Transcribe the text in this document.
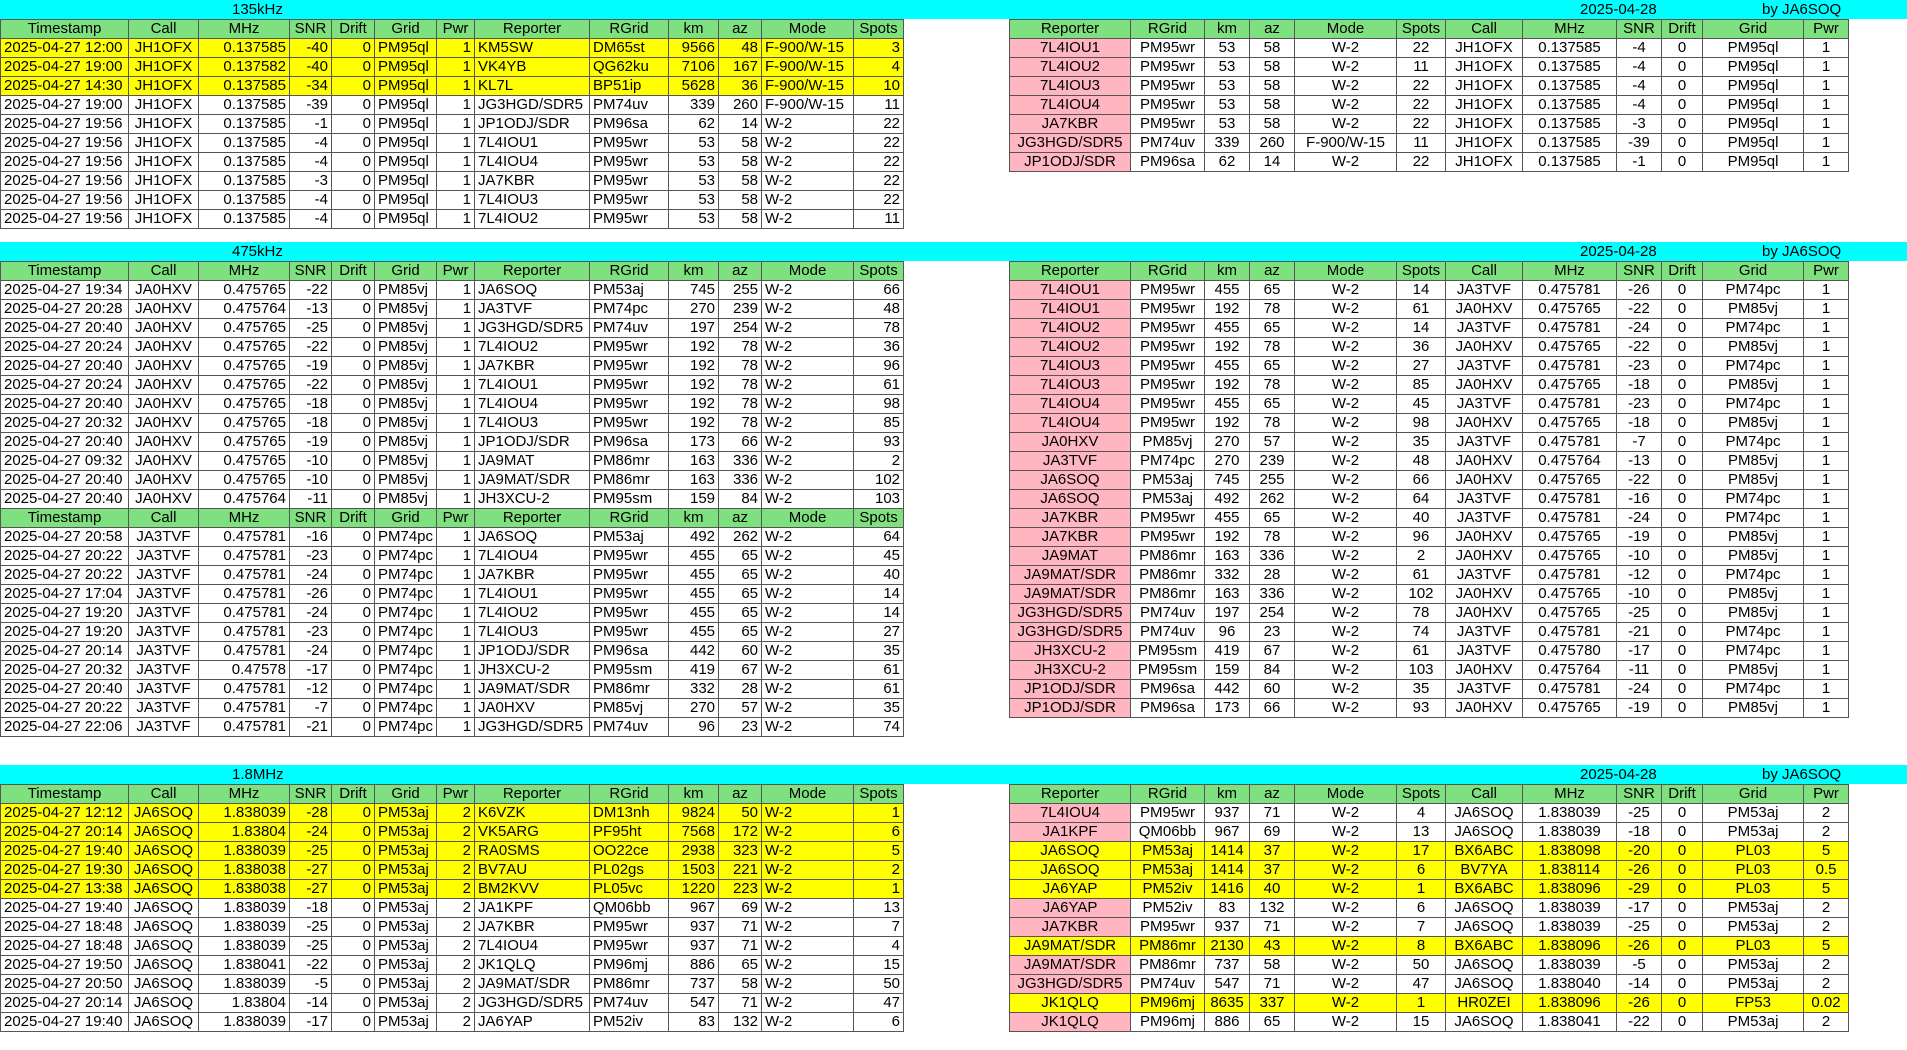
135kHz	2025-04-28	by JA6SOQ
Timestamp	Call	MHz	SNR	Drift	Grid	Pwr	Reporter	RGrid	km	az	Mode	Spots
2025-04-27 12:00	JH1OFX	0.137585	-40	0	PM95ql	1	KM5SW	DM65st	9566	48	F-900/W-15	3
2025-04-27 19:00	JH1OFX	0.137582	-40	0	PM95ql	1	VK4YB	QG62ku	7106	167	F-900/W-15	4
2025-04-27 14:30	JH1OFX	0.137585	-34	0	PM95ql	1	KL7L	BP51ip	5628	36	F-900/W-15	10
2025-04-27 19:00	JH1OFX	0.137585	-39	0	PM95ql	1	JG3HGD/SDR5	PM74uv	339	260	F-900/W-15	11
2025-04-27 19:56	JH1OFX	0.137585	-1	0	PM95ql	1	JP1ODJ/SDR	PM96sa	62	14	W-2	22
2025-04-27 19:56	JH1OFX	0.137585	-4	0	PM95ql	1	7L4IOU1	PM95wr	53	58	W-2	22
2025-04-27 19:56	JH1OFX	0.137585	-4	0	PM95ql	1	7L4IOU4	PM95wr	53	58	W-2	22
2025-04-27 19:56	JH1OFX	0.137585	-3	0	PM95ql	1	JA7KBR	PM95wr	53	58	W-2	22
2025-04-27 19:56	JH1OFX	0.137585	-4	0	PM95ql	1	7L4IOU3	PM95wr	53	58	W-2	22
2025-04-27 19:56	JH1OFX	0.137585	-4	0	PM95ql	1	7L4IOU2	PM95wr	53	58	W-2	11
Reporter	RGrid	km	az	Mode	Spots	Call	MHz	SNR	Drift	Grid	Pwr
7L4IOU1	PM95wr	53	58	W-2	22	JH1OFX	0.137585	-4	0	PM95ql	1
7L4IOU2	PM95wr	53	58	W-2	11	JH1OFX	0.137585	-4	0	PM95ql	1
7L4IOU3	PM95wr	53	58	W-2	22	JH1OFX	0.137585	-4	0	PM95ql	1
7L4IOU4	PM95wr	53	58	W-2	22	JH1OFX	0.137585	-4	0	PM95ql	1
JA7KBR	PM95wr	53	58	W-2	22	JH1OFX	0.137585	-3	0	PM95ql	1
JG3HGD/SDR5	PM74uv	339	260	F-900/W-15	11	JH1OFX	0.137585	-39	0	PM95ql	1
JP1ODJ/SDR	PM96sa	62	14	W-2	22	JH1OFX	0.137585	-1	0	PM95ql	1
475kHz	2025-04-28	by JA6SOQ
Timestamp	Call	MHz	SNR	Drift	Grid	Pwr	Reporter	RGrid	km	az	Mode	Spots
2025-04-27 19:34	JA0HXV	0.475765	-22	0	PM85vj	1	JA6SOQ	PM53aj	745	255	W-2	66
2025-04-27 20:28	JA0HXV	0.475764	-13	0	PM85vj	1	JA3TVF	PM74pc	270	239	W-2	48
2025-04-27 20:40	JA0HXV	0.475765	-25	0	PM85vj	1	JG3HGD/SDR5	PM74uv	197	254	W-2	78
2025-04-27 20:24	JA0HXV	0.475765	-22	0	PM85vj	1	7L4IOU2	PM95wr	192	78	W-2	36
2025-04-27 20:40	JA0HXV	0.475765	-19	0	PM85vj	1	JA7KBR	PM95wr	192	78	W-2	96
2025-04-27 20:24	JA0HXV	0.475765	-22	0	PM85vj	1	7L4IOU1	PM95wr	192	78	W-2	61
2025-04-27 20:40	JA0HXV	0.475765	-18	0	PM85vj	1	7L4IOU4	PM95wr	192	78	W-2	98
2025-04-27 20:32	JA0HXV	0.475765	-18	0	PM85vj	1	7L4IOU3	PM95wr	192	78	W-2	85
2025-04-27 20:40	JA0HXV	0.475765	-19	0	PM85vj	1	JP1ODJ/SDR	PM96sa	173	66	W-2	93
2025-04-27 09:32	JA0HXV	0.475765	-10	0	PM85vj	1	JA9MAT	PM86mr	163	336	W-2	2
2025-04-27 20:40	JA0HXV	0.475765	-10	0	PM85vj	1	JA9MAT/SDR	PM86mr	163	336	W-2	102
2025-04-27 20:40	JA0HXV	0.475764	-11	0	PM85vj	1	JH3XCU-2	PM95sm	159	84	W-2	103
Timestamp	Call	MHz	SNR	Drift	Grid	Pwr	Reporter	RGrid	km	az	Mode	Spots
2025-04-27 20:58	JA3TVF	0.475781	-16	0	PM74pc	1	JA6SOQ	PM53aj	492	262	W-2	64
2025-04-27 20:22	JA3TVF	0.475781	-23	0	PM74pc	1	7L4IOU4	PM95wr	455	65	W-2	45
2025-04-27 20:22	JA3TVF	0.475781	-24	0	PM74pc	1	JA7KBR	PM95wr	455	65	W-2	40
2025-04-27 17:04	JA3TVF	0.475781	-26	0	PM74pc	1	7L4IOU1	PM95wr	455	65	W-2	14
2025-04-27 19:20	JA3TVF	0.475781	-24	0	PM74pc	1	7L4IOU2	PM95wr	455	65	W-2	14
2025-04-27 19:20	JA3TVF	0.475781	-23	0	PM74pc	1	7L4IOU3	PM95wr	455	65	W-2	27
2025-04-27 20:14	JA3TVF	0.475781	-24	0	PM74pc	1	JP1ODJ/SDR	PM96sa	442	60	W-2	35
2025-04-27 20:32	JA3TVF	0.47578	-17	0	PM74pc	1	JH3XCU-2	PM95sm	419	67	W-2	61
2025-04-27 20:40	JA3TVF	0.475781	-12	0	PM74pc	1	JA9MAT/SDR	PM86mr	332	28	W-2	61
2025-04-27 20:22	JA3TVF	0.475781	-7	0	PM74pc	1	JA0HXV	PM85vj	270	57	W-2	35
2025-04-27 22:06	JA3TVF	0.475781	-21	0	PM74pc	1	JG3HGD/SDR5	PM74uv	96	23	W-2	74
Reporter	RGrid	km	az	Mode	Spots	Call	MHz	SNR	Drift	Grid	Pwr
7L4IOU1	PM95wr	455	65	W-2	14	JA3TVF	0.475781	-26	0	PM74pc	1
7L4IOU1	PM95wr	192	78	W-2	61	JA0HXV	0.475765	-22	0	PM85vj	1
7L4IOU2	PM95wr	455	65	W-2	14	JA3TVF	0.475781	-24	0	PM74pc	1
7L4IOU2	PM95wr	192	78	W-2	36	JA0HXV	0.475765	-22	0	PM85vj	1
7L4IOU3	PM95wr	455	65	W-2	27	JA3TVF	0.475781	-23	0	PM74pc	1
7L4IOU3	PM95wr	192	78	W-2	85	JA0HXV	0.475765	-18	0	PM85vj	1
7L4IOU4	PM95wr	455	65	W-2	45	JA3TVF	0.475781	-23	0	PM74pc	1
7L4IOU4	PM95wr	192	78	W-2	98	JA0HXV	0.475765	-18	0	PM85vj	1
JA0HXV	PM85vj	270	57	W-2	35	JA3TVF	0.475781	-7	0	PM74pc	1
JA3TVF	PM74pc	270	239	W-2	48	JA0HXV	0.475764	-13	0	PM85vj	1
JA6SOQ	PM53aj	745	255	W-2	66	JA0HXV	0.475765	-22	0	PM85vj	1
JA6SOQ	PM53aj	492	262	W-2	64	JA3TVF	0.475781	-16	0	PM74pc	1
JA7KBR	PM95wr	455	65	W-2	40	JA3TVF	0.475781	-24	0	PM74pc	1
JA7KBR	PM95wr	192	78	W-2	96	JA0HXV	0.475765	-19	0	PM85vj	1
JA9MAT	PM86mr	163	336	W-2	2	JA0HXV	0.475765	-10	0	PM85vj	1
JA9MAT/SDR	PM86mr	332	28	W-2	61	JA3TVF	0.475781	-12	0	PM74pc	1
JA9MAT/SDR	PM86mr	163	336	W-2	102	JA0HXV	0.475765	-10	0	PM85vj	1
JG3HGD/SDR5	PM74uv	197	254	W-2	78	JA0HXV	0.475765	-25	0	PM85vj	1
JG3HGD/SDR5	PM74uv	96	23	W-2	74	JA3TVF	0.475781	-21	0	PM74pc	1
JH3XCU-2	PM95sm	419	67	W-2	61	JA3TVF	0.475780	-17	0	PM74pc	1
JH3XCU-2	PM95sm	159	84	W-2	103	JA0HXV	0.475764	-11	0	PM85vj	1
JP1ODJ/SDR	PM96sa	442	60	W-2	35	JA3TVF	0.475781	-24	0	PM74pc	1
JP1ODJ/SDR	PM96sa	173	66	W-2	93	JA0HXV	0.475765	-19	0	PM85vj	1
1.8MHz	2025-04-28	by JA6SOQ
Timestamp	Call	MHz	SNR	Drift	Grid	Pwr	Reporter	RGrid	km	az	Mode	Spots
2025-04-27 12:12	JA6SOQ	1.838039	-28	0	PM53aj	2	K6VZK	DM13nh	9824	50	W-2	1
2025-04-27 20:14	JA6SOQ	1.83804	-24	0	PM53aj	2	VK5ARG	PF95ht	7568	172	W-2	6
2025-04-27 19:40	JA6SOQ	1.838039	-25	0	PM53aj	2	RA0SMS	OO22ce	2938	323	W-2	5
2025-04-27 19:30	JA6SOQ	1.838038	-27	0	PM53aj	2	BV7AU	PL02gs	1503	221	W-2	2
2025-04-27 13:38	JA6SOQ	1.838038	-27	0	PM53aj	2	BM2KVV	PL05vc	1220	223	W-2	1
2025-04-27 19:40	JA6SOQ	1.838039	-18	0	PM53aj	2	JA1KPF	QM06bb	967	69	W-2	13
2025-04-27 18:48	JA6SOQ	1.838039	-25	0	PM53aj	2	JA7KBR	PM95wr	937	71	W-2	7
2025-04-27 18:48	JA6SOQ	1.838039	-25	0	PM53aj	2	7L4IOU4	PM95wr	937	71	W-2	4
2025-04-27 19:50	JA6SOQ	1.838041	-22	0	PM53aj	2	JK1QLQ	PM96mj	886	65	W-2	15
2025-04-27 20:50	JA6SOQ	1.838039	-5	0	PM53aj	2	JA9MAT/SDR	PM86mr	737	58	W-2	50
2025-04-27 20:14	JA6SOQ	1.83804	-14	0	PM53aj	2	JG3HGD/SDR5	PM74uv	547	71	W-2	47
2025-04-27 19:40	JA6SOQ	1.838039	-17	0	PM53aj	2	JA6YAP	PM52iv	83	132	W-2	6
Reporter	RGrid	km	az	Mode	Spots	Call	MHz	SNR	Drift	Grid	Pwr
7L4IOU4	PM95wr	937	71	W-2	4	JA6SOQ	1.838039	-25	0	PM53aj	2
JA1KPF	QM06bb	967	69	W-2	13	JA6SOQ	1.838039	-18	0	PM53aj	2
JA6SOQ	PM53aj	1414	37	W-2	17	BX6ABC	1.838098	-20	0	PL03	5
JA6SOQ	PM53aj	1414	37	W-2	6	BV7YA	1.838114	-26	0	PL03	0.5
JA6YAP	PM52iv	1416	40	W-2	1	BX6ABC	1.838096	-29	0	PL03	5
JA6YAP	PM52iv	83	132	W-2	6	JA6SOQ	1.838039	-17	0	PM53aj	2
JA7KBR	PM95wr	937	71	W-2	7	JA6SOQ	1.838039	-25	0	PM53aj	2
JA9MAT/SDR	PM86mr	2130	43	W-2	8	BX6ABC	1.838096	-26	0	PL03	5
JA9MAT/SDR	PM86mr	737	58	W-2	50	JA6SOQ	1.838039	-5	0	PM53aj	2
JG3HGD/SDR5	PM74uv	547	71	W-2	47	JA6SOQ	1.838040	-14	0	PM53aj	2
JK1QLQ	PM96mj	8635	337	W-2	1	HR0ZEI	1.838096	-26	0	FP53	0.02
JK1QLQ	PM96mj	886	65	W-2	15	JA6SOQ	1.838041	-22	0	PM53aj	2
